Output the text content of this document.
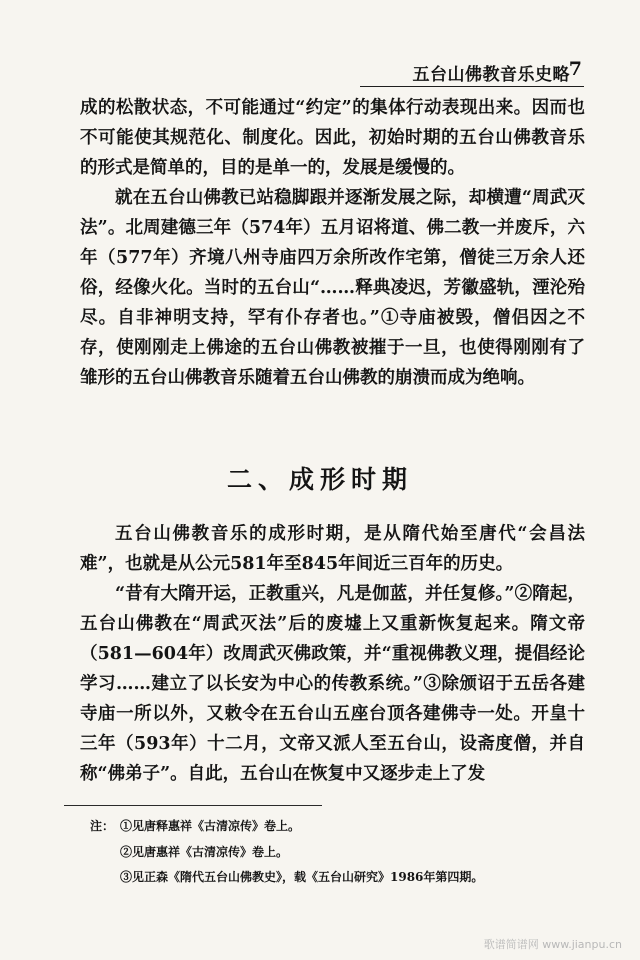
五台山佛教音乐史略
7
成的松散状态，不可能通过“约定”的集体行动表现出来。因而也不可能使其规范化、制度化。因此，初始时期的五台山佛教音乐的形式是简单的，目的是单一的，发展是缓慢的。
就在五台山佛教已站稳脚跟并逐渐发展之际，却横遭“周武灭法”。北周建德三年（574年）五月诏将道、佛二教一并废斥，六年（577年）齐境八州寺庙四万余所改作宅第，僧徒三万余人还俗，经像火化。当时的五台山“……释典凌迟，芳徽盛轨，湮沦殆尽。自非神明支持，罕有仆存者也。”①寺庙被毁，僧侣因之不存，使刚刚走上佛途的五台山佛教被摧于一旦，也使得刚刚有了雏形的五台山佛教音乐随着五台山佛教的崩溃而成为绝响。
二、成形时期
五台山佛教音乐的成形时期，是从隋代始至唐代“会昌法难”，也就是从公元581年至845年间近三百年的历史。
“昔有大隋开运，正教重兴，凡是伽蓝，并任复修。”②隋起，五台山佛教在“周武灭法”后的废墟上又重新恢复起来。隋文帝（581—604年）改周武灭佛政策，并“重视佛教义理，提倡经论学习……建立了以长安为中心的传教系统。”③除颁诏于五岳各建寺庙一所以外，又敕令在五台山五座台顶各建佛寺一处。开皇十三年（593年）十二月，文帝又派人至五台山，设斋度僧，并自称“佛弟子”。自此，五台山在恢复中又逐步走上了发
注： ①见唐释惠祥《古清凉传》卷上。
②见唐惠祥《古清凉传》卷上。
③见正森《隋代五台山佛教史》，载《五台山研究》1986年第四期。
歌谱简谱网 www.jianpu.cn
